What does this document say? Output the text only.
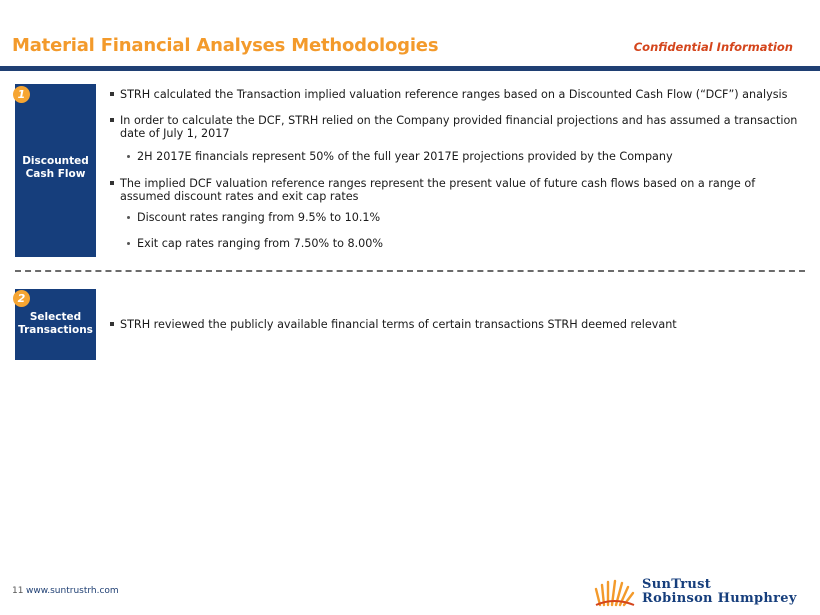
Material Financial Analyses Methodologies	Confidential Information
Discounted
Cash Flow
1	STRH calculated the Transaction implied valuation reference ranges based on a Discounted Cash Flow (“DCF”) analysis
In order to calculate the DCF, STRH relied on the Company provided financial projections and has assumed a transaction date of July 1, 2017
2H 2017E financials represent 50% of the full year 2017E projections provided by the Company
The implied DCF valuation reference ranges represent the present value of future cash flows based on a range of assumed discount rates and exit cap rates
Discount rates ranging from 9.5% to 10.1%
Exit cap rates ranging from 7.50% to 8.00%
Selected
Transactions
2
STRH reviewed the publicly available financial terms of certain transactions STRH deemed relevant
11 www.suntrustrh.com	SunTrust
Robinson Humphrey
